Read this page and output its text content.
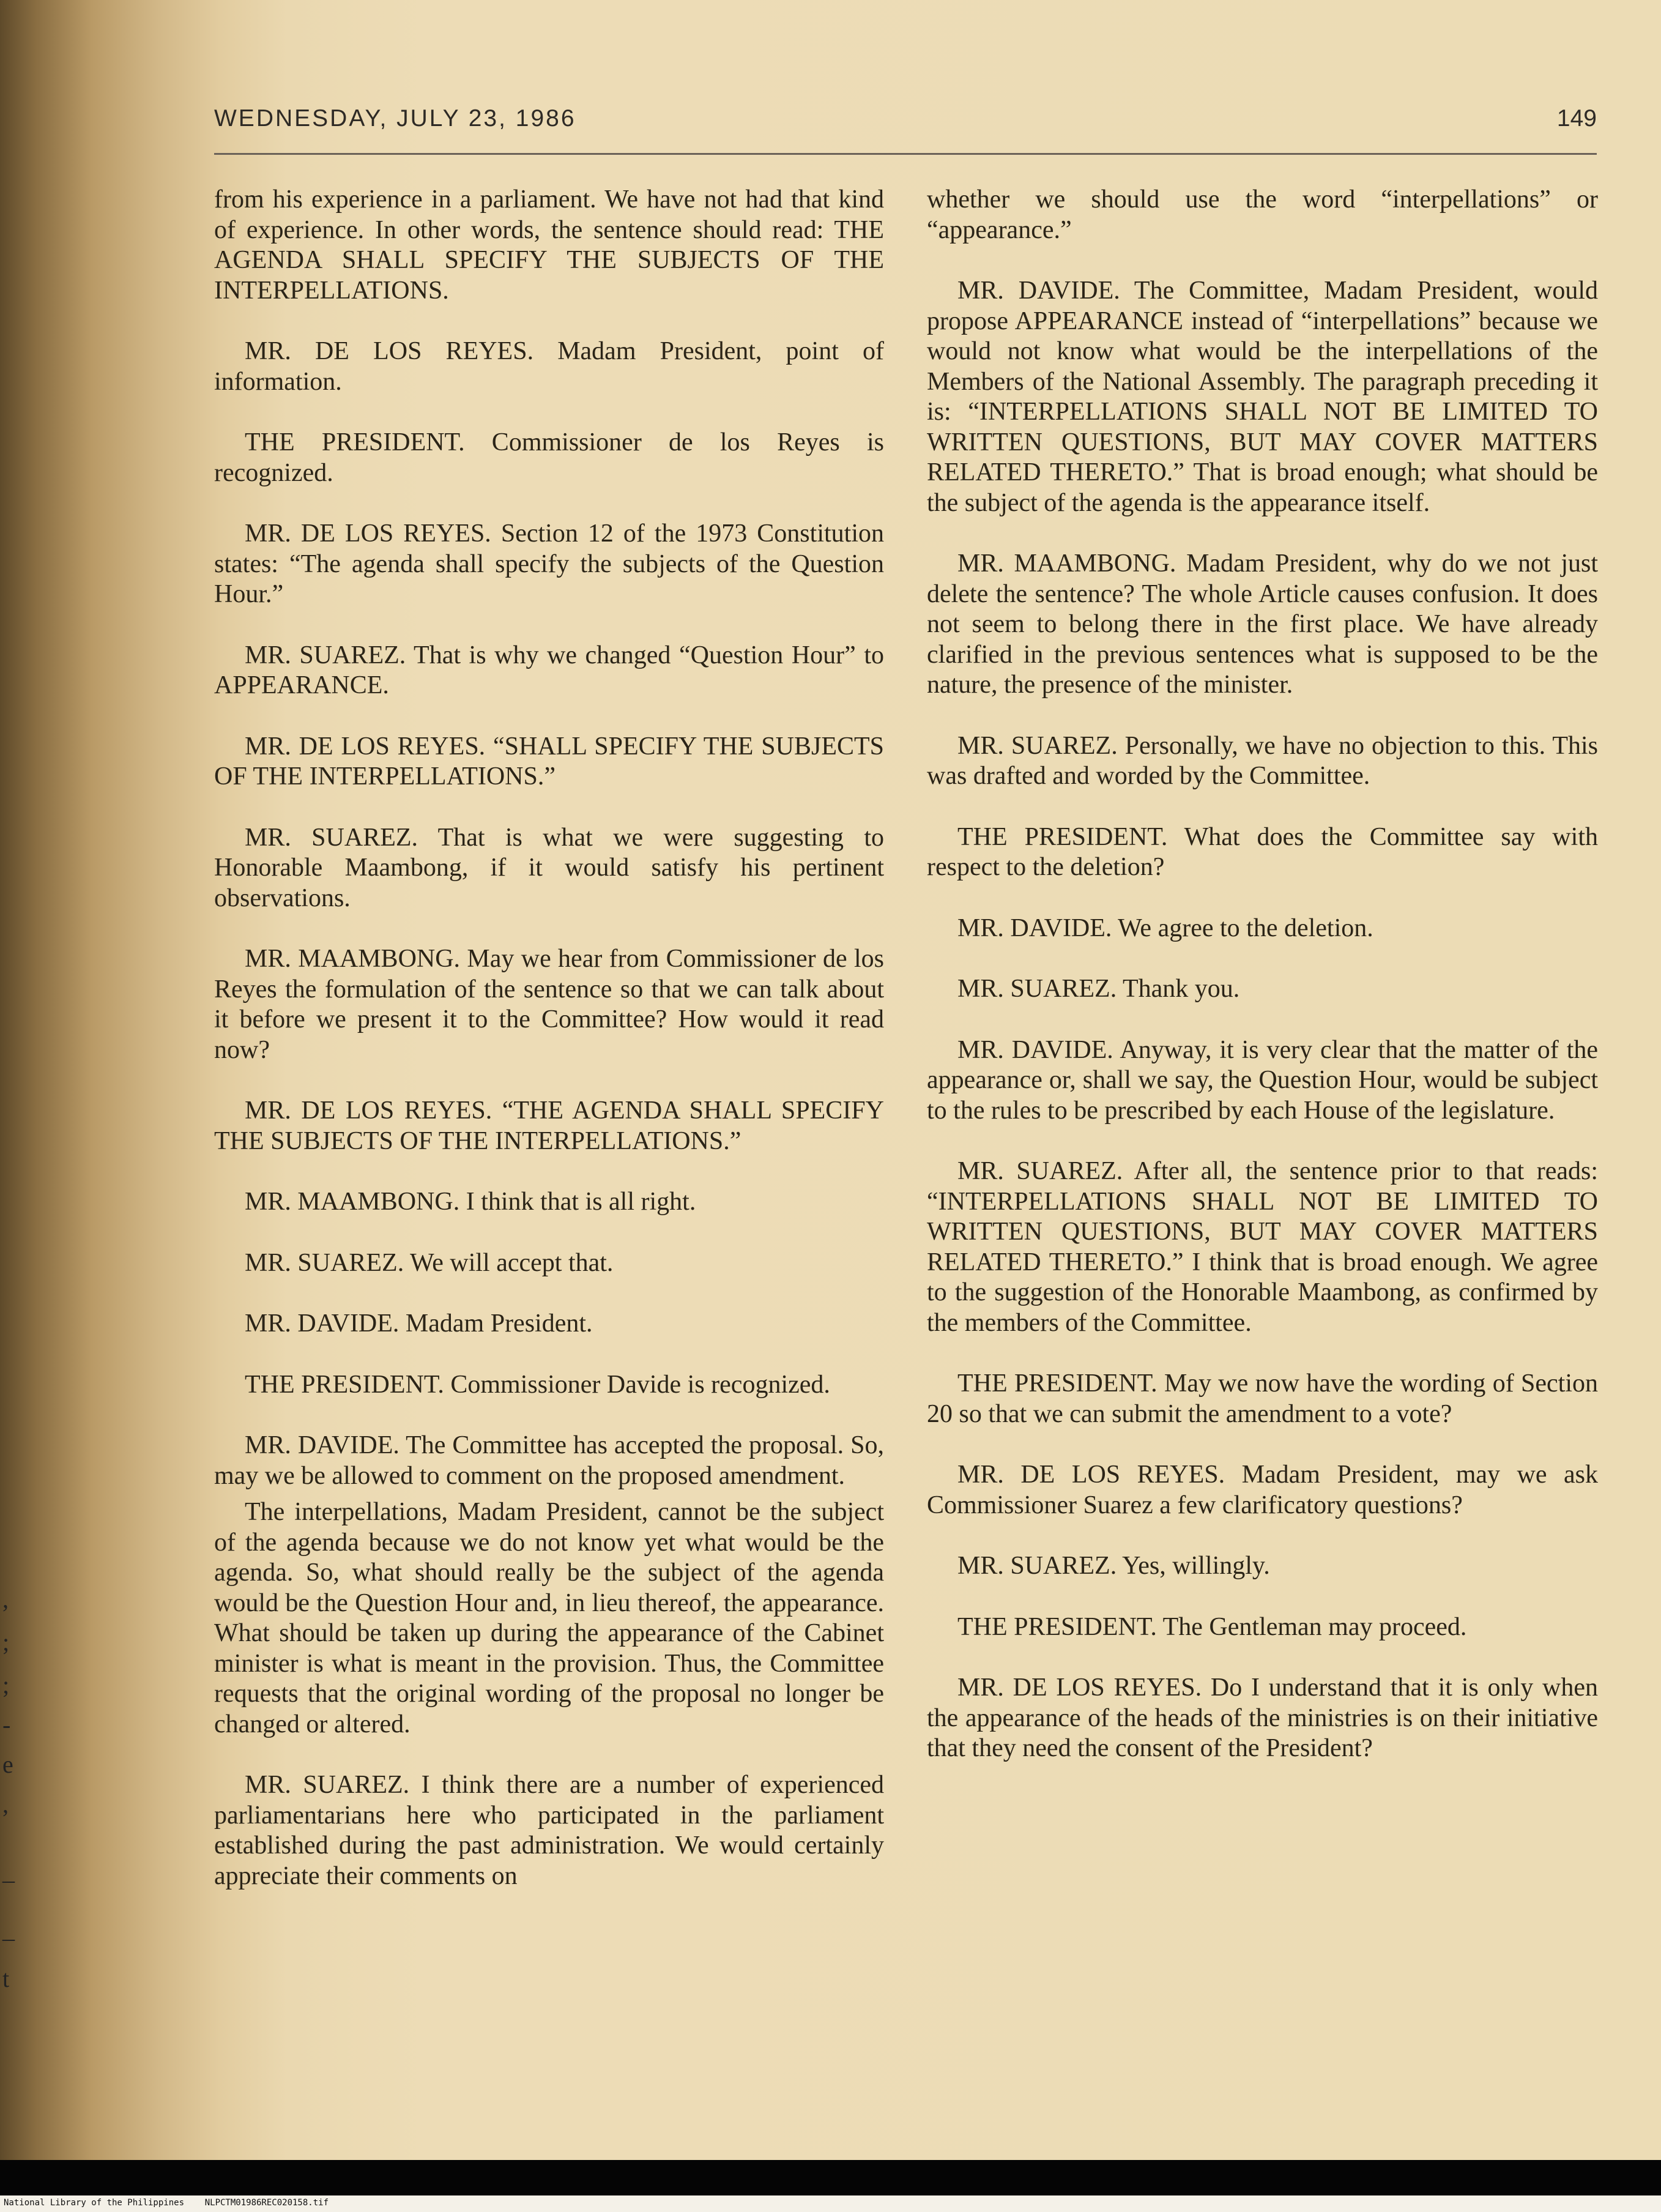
,
;
;
-
e
,
_
_
t
WEDNESDAY, JULY 23, 1986	149

from his experience in a parliament. We have not had that kind of experience. In other words, the sentence should read: THE AGENDA SHALL SPECIFY THE SUBJECTS OF THE INTERPELLATIONS.

MR. DE LOS REYES. Madam President, point of information.

THE PRESIDENT. Commissioner de los Reyes is recognized.

MR. DE LOS REYES. Section 12 of the 1973 Constitution states: “The agenda shall specify the subjects of the Question Hour.”

MR. SUAREZ. That is why we changed “Question Hour” to APPEARANCE.

MR. DE LOS REYES. “SHALL SPECIFY THE SUBJECTS OF THE INTERPELLATIONS.”

MR. SUAREZ. That is what we were suggesting to Honorable Maambong, if it would satisfy his pertinent observations.

MR. MAAMBONG. May we hear from Commissioner de los Reyes the formulation of the sentence so that we can talk about it before we present it to the Committee? How would it read now?

MR. DE LOS REYES. “THE AGENDA SHALL SPECIFY THE SUBJECTS OF THE INTERPELLATIONS.”

MR. MAAMBONG. I think that is all right.

MR. SUAREZ. We will accept that.

MR. DAVIDE. Madam President.

THE PRESIDENT. Commissioner Davide is recognized.

MR. DAVIDE. The Committee has accepted the proposal. So, may we be allowed to comment on the proposed amendment.

The interpellations, Madam President, cannot be the subject of the agenda because we do not know yet what would be the agenda. So, what should really be the subject of the agenda would be the Question Hour and, in lieu thereof, the appearance. What should be taken up during the appearance of the Cabinet minister is what is meant in the provision. Thus, the Committee requests that the original wording of the proposal no longer be changed or altered.

MR. SUAREZ. I think there are a number of experienced parliamentarians here who participated in the parliament established during the past administration. We would certainly appreciate their comments on

whether we should use the word “interpellations” or “appearance.”

MR. DAVIDE. The Committee, Madam President, would propose APPEARANCE instead of “interpellations” because we would not know what would be the interpellations of the Members of the National Assembly. The paragraph preceding it is: “INTERPELLATIONS SHALL NOT BE LIMITED TO WRITTEN QUESTIONS, BUT MAY COVER MATTERS RELATED THERETO.” That is broad enough; what should be the subject of the agenda is the appearance itself.

MR. MAAMBONG. Madam President, why do we not just delete the sentence? The whole Article causes confusion. It does not seem to belong there in the first place. We have already clarified in the previous sentences what is supposed to be the nature, the presence of the minister.

MR. SUAREZ. Personally, we have no objection to this. This was drafted and worded by the Committee.

THE PRESIDENT. What does the Committee say with respect to the deletion?

MR. DAVIDE. We agree to the deletion.

MR. SUAREZ. Thank you.

MR. DAVIDE. Anyway, it is very clear that the matter of the appearance or, shall we say, the Question Hour, would be subject to the rules to be prescribed by each House of the legislature.

MR. SUAREZ. After all, the sentence prior to that reads: “INTERPELLATIONS SHALL NOT BE LIMITED TO WRITTEN QUESTIONS, BUT MAY COVER MATTERS RELATED THERETO.” I think that is broad enough. We agree to the suggestion of the Honorable Maambong, as confirmed by the members of the Committee.

THE PRESIDENT. May we now have the wording of Section 20 so that we can submit the amendment to a vote?

MR. DE LOS REYES. Madam President, may we ask Commissioner Suarez a few clarificatory questions?

MR. SUAREZ. Yes, willingly.

THE PRESIDENT. The Gentleman may proceed.

MR. DE LOS REYES. Do I understand that it is only when the appearance of the heads of the ministries is on their initiative that they need the consent of the President?

National Library of the Philippines    NLPCTM01986REC020158.tif
